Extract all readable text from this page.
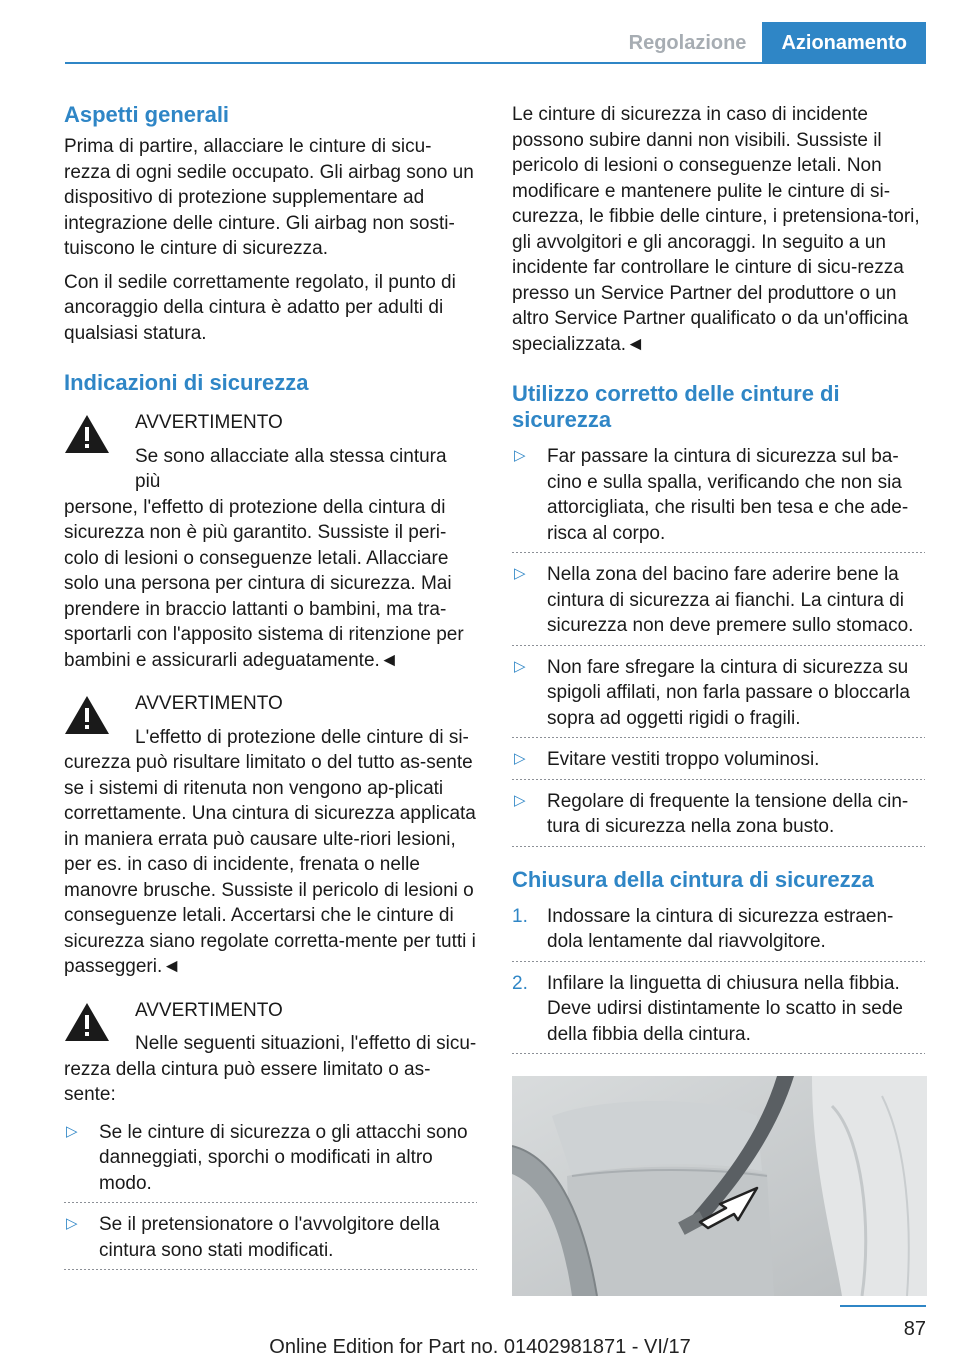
Regolazione	Azionamento
Aspetti generali

Prima di partire, allacciare le cinture di sicu-rezza di ogni sedile occupato. Gli airbag sono un dispositivo di protezione supplementare ad integrazione delle cinture. Gli airbag non sosti-tuiscono le cinture di sicurezza.

Con il sedile correttamente regolato, il punto di ancoraggio della cintura è adatto per adulti di qualsiasi statura.

Indicazioni di sicurezza
AVVERTIMENTO
Se sono allacciate alla stessa cintura più

persone, l'effetto di protezione della cintura di sicurezza non è più garantito. Sussiste il peri-colo di lesioni o conseguenze letali. Allacciare solo una persona per cintura di sicurezza. Mai prendere in braccio lattanti o bambini, ma tra-sportarli con l'apposito sistema di ritenzione per bambini e assicurarli adeguatamente.◄

AVVERTIMENTO
L'effetto di protezione delle cinture di si-

curezza può risultare limitato o del tutto as-sente se i sistemi di ritenuta non vengono ap-plicati correttamente. Una cintura di sicurezza applicata in maniera errata può causare ulte-riori lesioni, per es. in caso di incidente, frenata o nelle manovre brusche. Sussiste il pericolo di lesioni o conseguenze letali. Accertarsi che le cinture di sicurezza siano regolate corretta-mente per tutti i passeggeri.◄

AVVERTIMENTO
Nelle seguenti situazioni, l'effetto di sicu-

rezza della cintura può essere limitato o as-sente:

▷ Se le cinture di sicurezza o gli attacchi sono danneggiati, sporchi o modificati in altro modo.
▷ Se il pretensionatore o l'avvolgitore della cintura sono stati modificati.

Le cinture di sicurezza in caso di incidente possono subire danni non visibili. Sussiste il pericolo di lesioni o conseguenze letali. Non modificare e mantenere pulite le cinture di si-curezza, le fibbie delle cinture, i pretensiona-tori, gli avvolgitori e gli ancoraggi. In seguito a un incidente far controllare le cinture di sicu-rezza presso un Service Partner del produttore o un altro Service Partner qualificato o da un'officina specializzata.◄

Utilizzo corretto delle cinture di sicurezza
▷ Far passare la cintura di sicurezza sul ba-cino e sulla spalla, verificando che non sia attorcigliata, che risulti ben tesa e che ade-risca al corpo.
▷ Nella zona del bacino fare aderire bene la cintura di sicurezza ai fianchi. La cintura di sicurezza non deve premere sullo stomaco.
▷ Non fare sfregare la cintura di sicurezza su spigoli affilati, non farla passare o bloccarla sopra ad oggetti rigidi o fragili.
▷ Evitare vestiti troppo voluminosi.
▷ Regolare di frequente la tensione della cin-tura di sicurezza nella zona busto.
Chiusura della cintura di sicurezza
1. Indossare la cintura di sicurezza estraen-dola lentamente dal riavvolgitore.
2. Infilare la linguetta di chiusura nella fibbia. Deve udirsi distintamente lo scatto in sede della fibbia della cintura.
87
Online Edition for Part no. 01402981871 - VI/17
